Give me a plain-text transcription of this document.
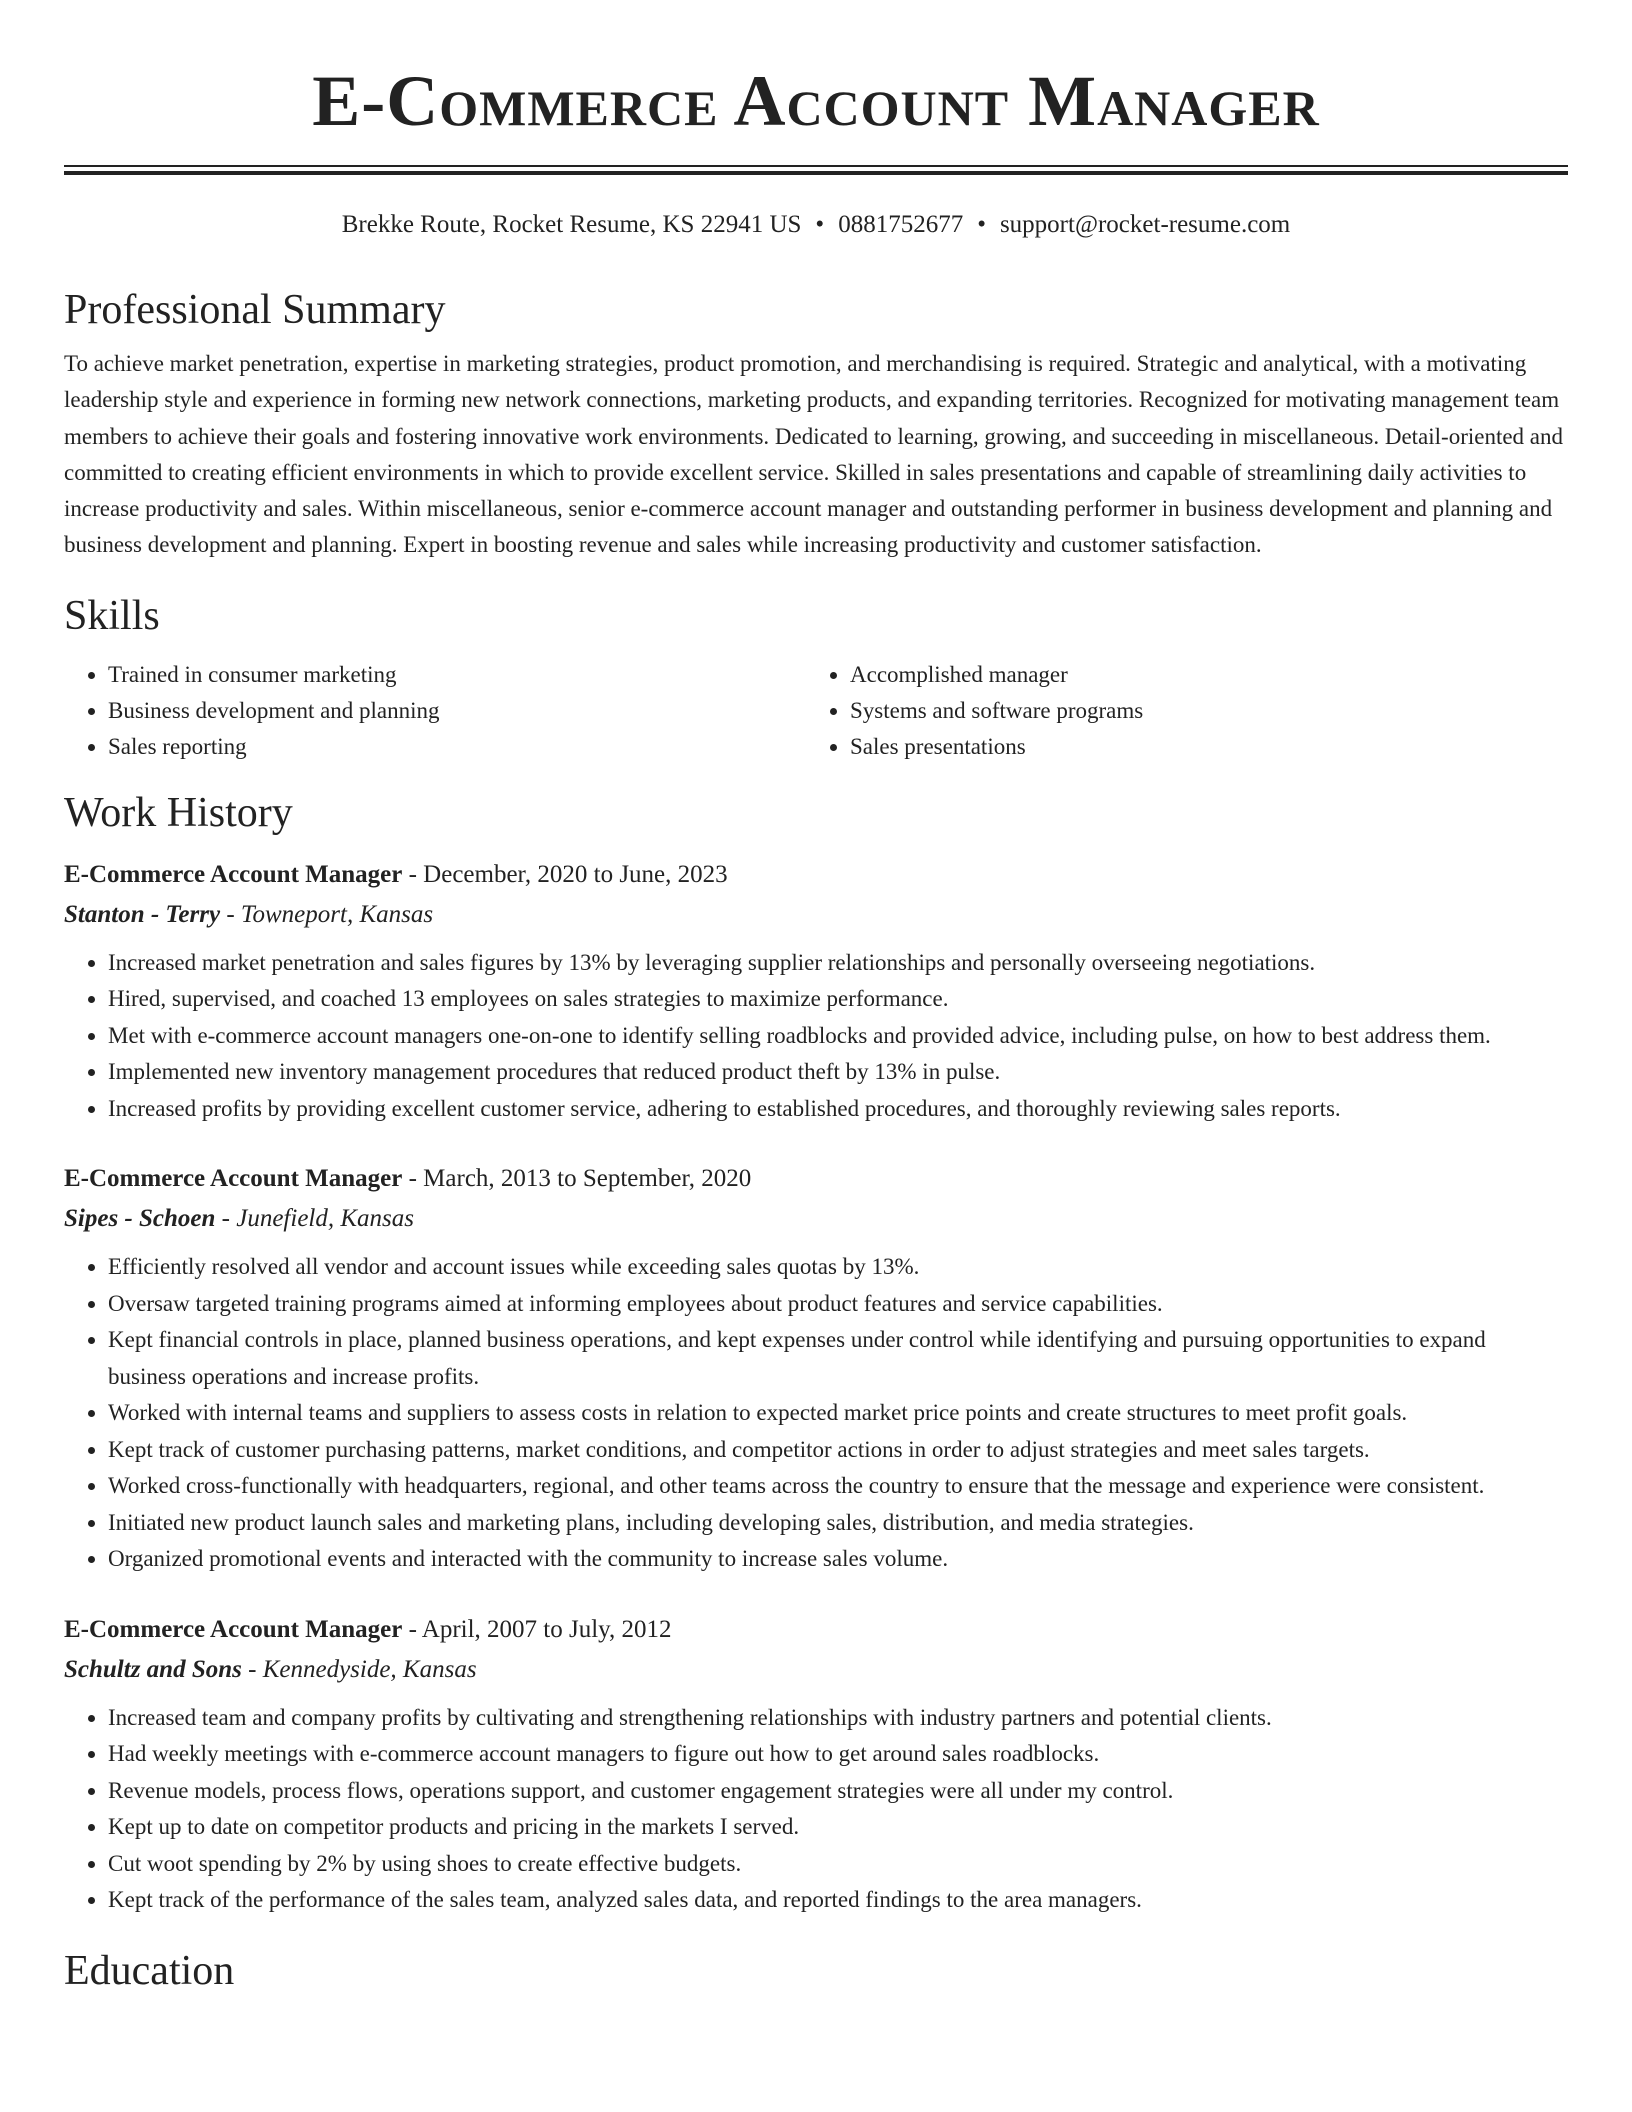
E-Commerce Account Manager
Brekke Route, Rocket Resume, KS 22941 US • 0881752677 • support@rocket-resume.com
Professional Summary

To achieve market penetration, expertise in marketing strategies, product promotion, and merchandising is required. Strategic and analytical, with a motivating leadership style and experience in forming new network connections, marketing products, and expanding territories. Recognized for motivating management team members to achieve their goals and fostering innovative work environments. Dedicated to learning, growing, and succeeding in miscellaneous. Detail-oriented and committed to creating efficient environments in which to provide excellent service. Skilled in sales presentations and capable of streamlining daily activities to increase productivity and sales. Within miscellaneous, senior e-commerce account manager and outstanding performer in business development and planning and business development and planning. Expert in boosting revenue and sales while increasing productivity and customer satisfaction.

Skills
• Trained in consumer marketing
• Business development and planning
• Sales reporting
• Accomplished manager
• Systems and software programs
• Sales presentations
Work History
E-Commerce Account Manager - December, 2020 to June, 2023
Stanton - Terry - Towneport, Kansas
• Increased market penetration and sales figures by 13% by leveraging supplier relationships and personally overseeing negotiations.
• Hired, supervised, and coached 13 employees on sales strategies to maximize performance.
• Met with e-commerce account managers one-on-one to identify selling roadblocks and provided advice, including pulse, on how to best address them.
• Implemented new inventory management procedures that reduced product theft by 13% in pulse.
• Increased profits by providing excellent customer service, adhering to established procedures, and thoroughly reviewing sales reports.
E-Commerce Account Manager - March, 2013 to September, 2020
Sipes - Schoen - Junefield, Kansas
• Efficiently resolved all vendor and account issues while exceeding sales quotas by 13%.
• Oversaw targeted training programs aimed at informing employees about product features and service capabilities.
• Kept financial controls in place, planned business operations, and kept expenses under control while identifying and pursuing opportunities to expand business operations and increase profits.
• Worked with internal teams and suppliers to assess costs in relation to expected market price points and create structures to meet profit goals.
• Kept track of customer purchasing patterns, market conditions, and competitor actions in order to adjust strategies and meet sales targets.
• Worked cross-functionally with headquarters, regional, and other teams across the country to ensure that the message and experience were consistent.
• Initiated new product launch sales and marketing plans, including developing sales, distribution, and media strategies.
• Organized promotional events and interacted with the community to increase sales volume.
E-Commerce Account Manager - April, 2007 to July, 2012
Schultz and Sons - Kennedyside, Kansas
• Increased team and company profits by cultivating and strengthening relationships with industry partners and potential clients.
• Had weekly meetings with e-commerce account managers to figure out how to get around sales roadblocks.
• Revenue models, process flows, operations support, and customer engagement strategies were all under my control.
• Kept up to date on competitor products and pricing in the markets I served.
• Cut woot spending by 2% by using shoes to create effective budgets.
• Kept track of the performance of the sales team, analyzed sales data, and reported findings to the area managers.
Education
